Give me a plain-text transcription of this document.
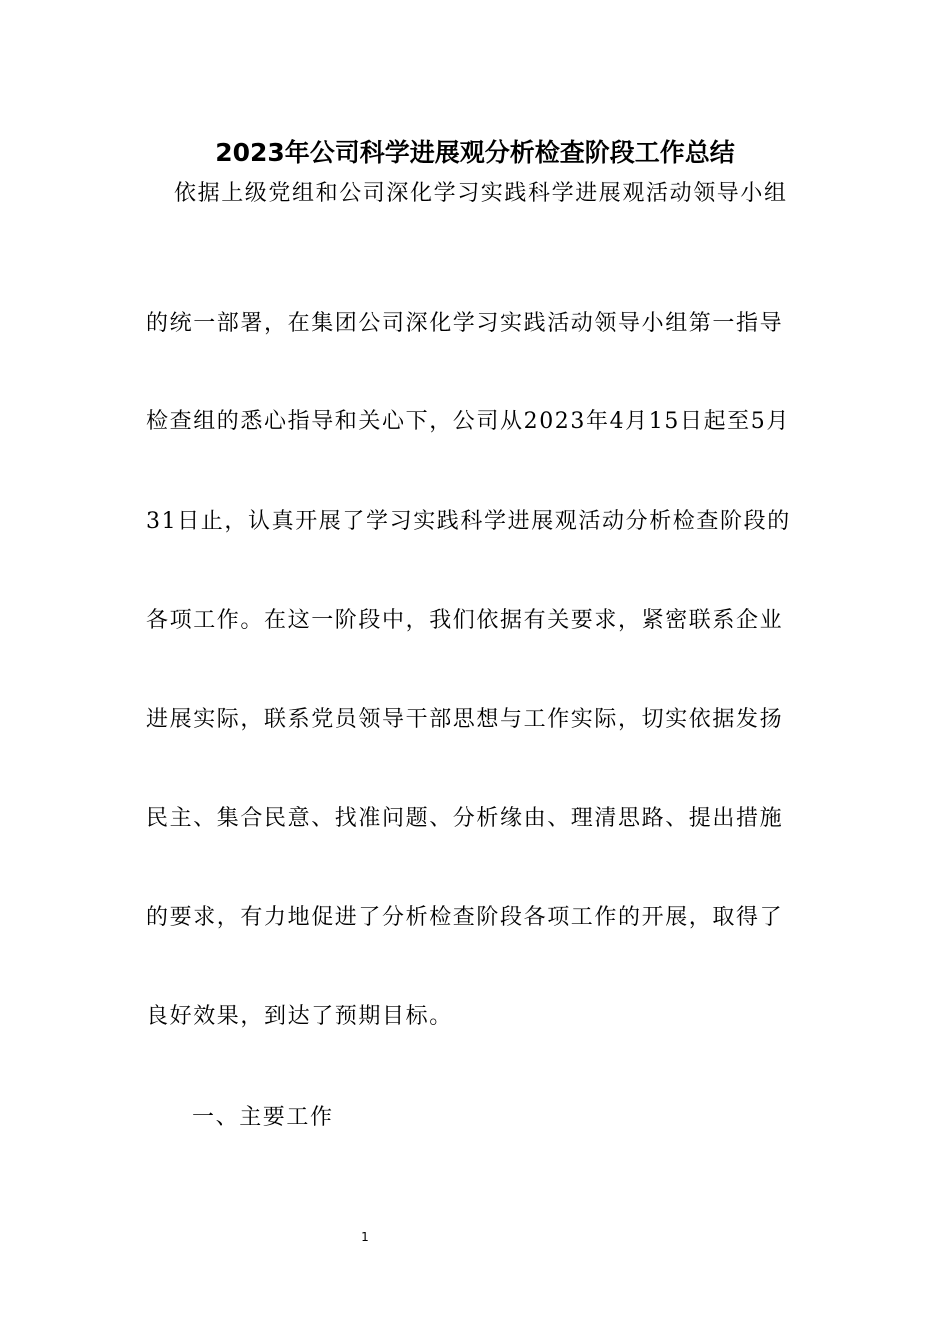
2023年公司科学进展观分析检查阶段工作总结
依据上级党组和公司深化学习实践科学进展观活动领导小组
的统一部署，在集团公司深化学习实践活动领导小组第一指导
检查组的悉心指导和关心下，公司从2023年4月15日起至5月
31日止，认真开展了学习实践科学进展观活动分析检查阶段的
各项工作。在这一阶段中，我们依据有关要求，紧密联系企业
进展实际，联系党员领导干部思想与工作实际，切实依据发扬
民主、集合民意、找准问题、分析缘由、理清思路、提出措施
的要求，有力地促进了分析检查阶段各项工作的开展，取得了
良好效果，到达了预期目标。
一、主要工作
1
